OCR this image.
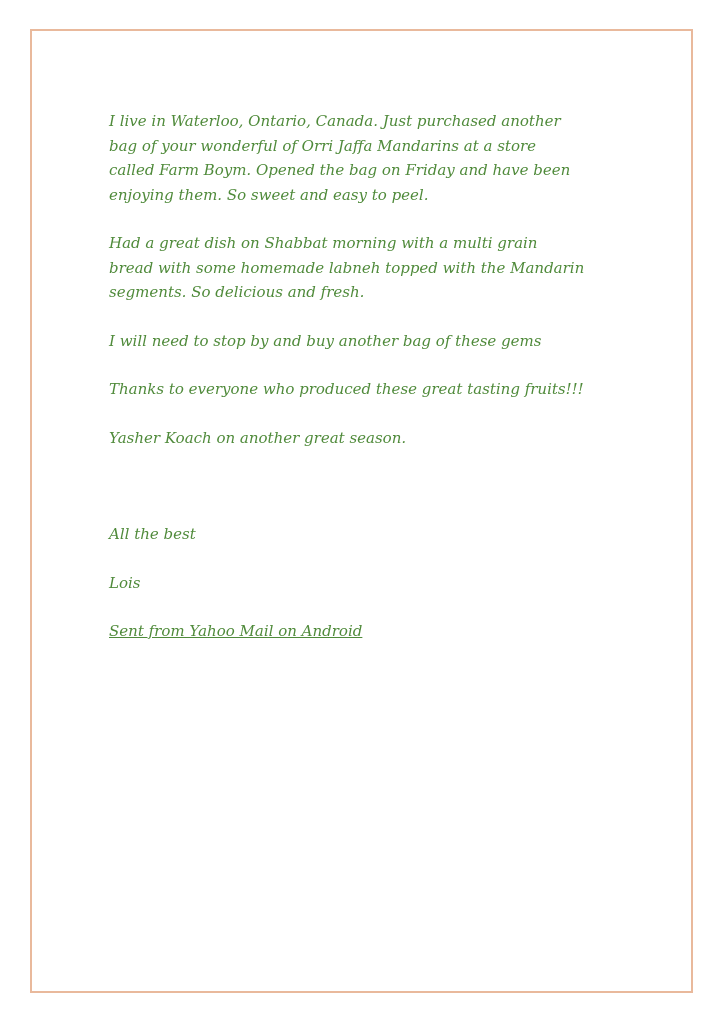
I live in Waterloo, Ontario, Canada. Just purchased another
bag of your wonderful of Orri Jaffa Mandarins at a store
called Farm Boym. Opened the bag on Friday and have been
enjoying them. So sweet and easy to peel.

Had a great dish on Shabbat morning with a multi grain
bread with some homemade labneh topped with the Mandarin
segments. So delicious and fresh.

I will need to stop by and buy another bag of these gems

Thanks to everyone who produced these great tasting fruits!!!

Yasher Koach on another great season.

All the best

Lois

Sent from Yahoo Mail on Android
